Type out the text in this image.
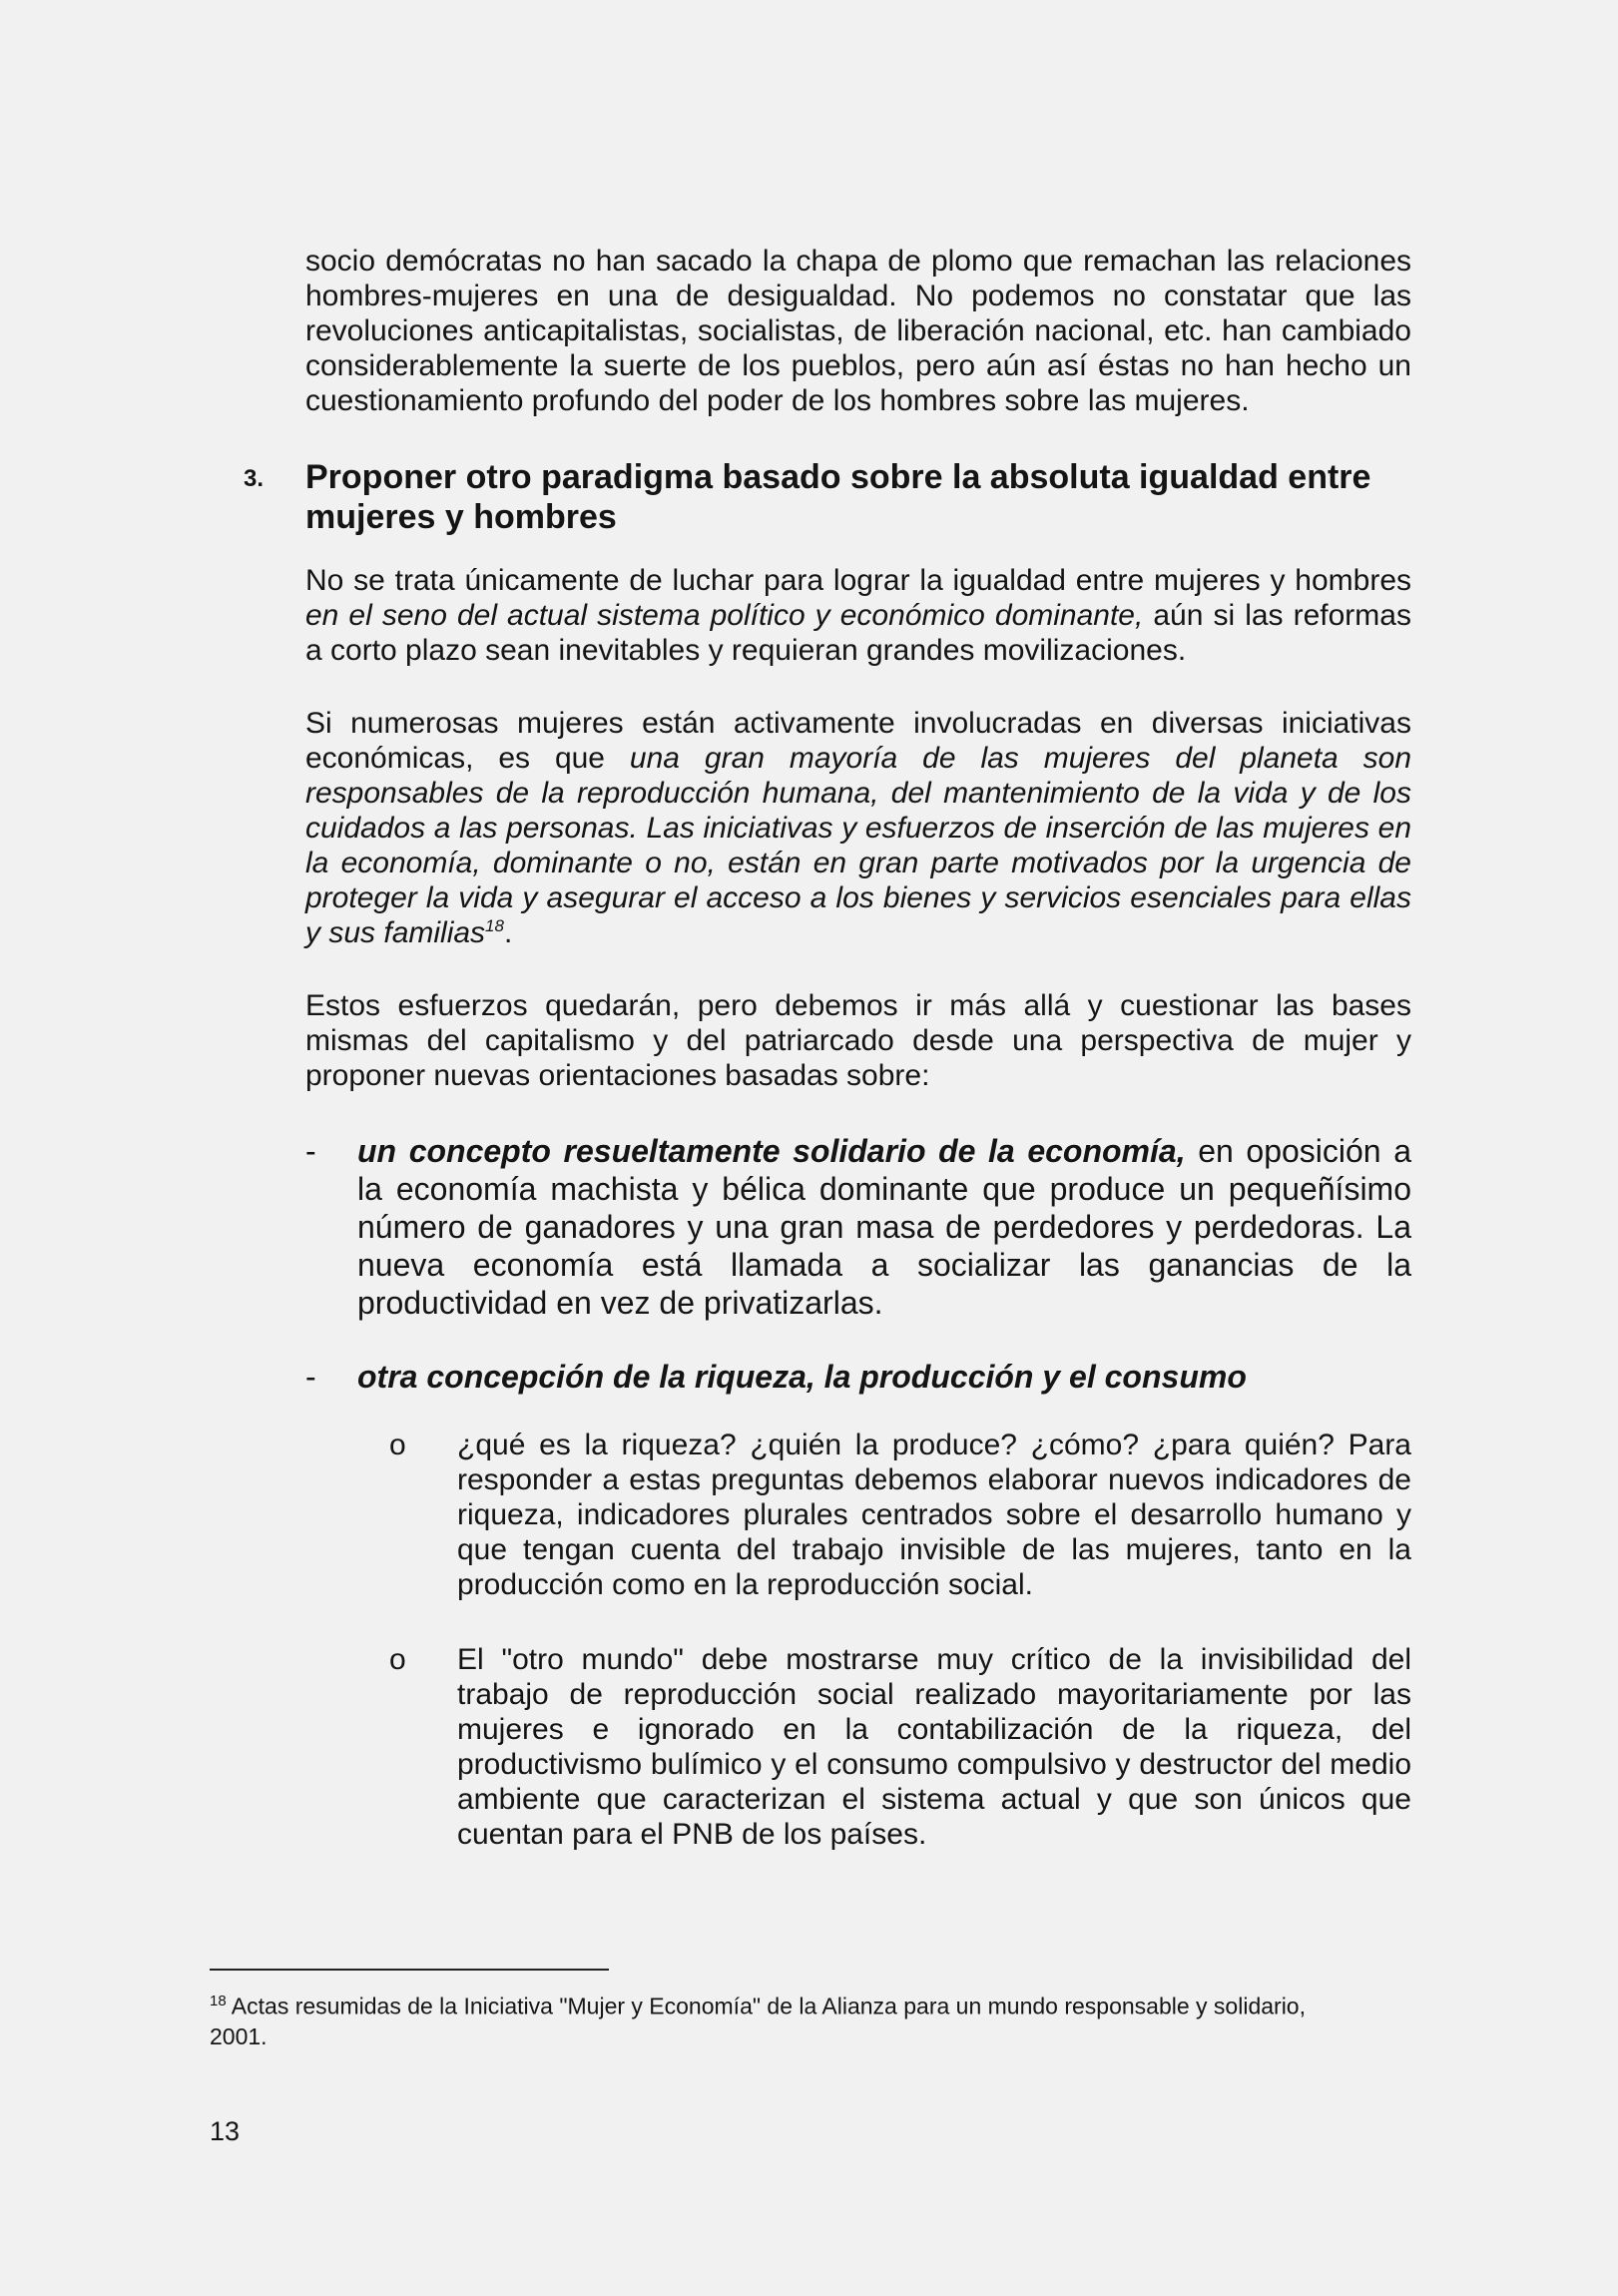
socio demócratas no han sacado la chapa de plomo que remachan las relaciones hombres-mujeres en una de desigualdad. No podemos no constatar que las revoluciones anticapitalistas, socialistas, de liberación nacional, etc. han cambiado considerablemente la suerte de los pueblos, pero aún así éstas no han hecho un cuestionamiento profundo del poder de los hombres sobre las mujeres.

3. Proponer otro paradigma basado sobre la absoluta igualdad entre mujeres y hombres

No se trata únicamente de luchar para lograr la igualdad entre mujeres y hombres en el seno del actual sistema político y económico dominante, aún si las reformas a corto plazo sean inevitables y requieran grandes movilizaciones.

Si numerosas mujeres están activamente involucradas en diversas iniciativas económicas, es que una gran mayoría de las mujeres del planeta son responsables de la reproducción humana, del mantenimiento de la vida y de los cuidados a las personas. Las iniciativas y esfuerzos de inserción de las mujeres en la economía, dominante o no, están en gran parte motivados por la urgencia de proteger la vida y asegurar el acceso a los bienes y servicios esenciales para ellas y sus familias$^{18}$.

Estos esfuerzos quedarán, pero debemos ir más allá y cuestionar las bases mismas del capitalismo y del patriarcado desde una perspectiva de mujer y proponer nuevas orientaciones basadas sobre:

- un concepto resueltamente solidario de la economía, en oposición a la economía machista y bélica dominante que produce un pequeñísimo número de ganadores y una gran masa de perdedores y perdedoras. La nueva economía está llamada a socializar las ganancias de la productividad en vez de privatizarlas.

- otra concepción de la riqueza, la producción y el consumo
o ¿qué es la riqueza? ¿quién la produce? ¿cómo? ¿para quién? Para responder a estas preguntas debemos elaborar nuevos indicadores de riqueza, indicadores plurales centrados sobre el desarrollo humano y que tengan cuenta del trabajo invisible de las mujeres, tanto en la producción como en la reproducción social.

o El "otro mundo" debe mostrarse muy crítico de la invisibilidad del trabajo de reproducción social realizado mayoritariamente por las mujeres e ignorado en la contabilización de la riqueza, del productivismo bulímico y el consumo compulsivo y destructor del medio ambiente que caracterizan el sistema actual y que son únicos que cuentan para el PNB de los países.

$^{18}$ Actas resumidas de la Iniciativa "Mujer y Economía" de la Alianza para un mundo responsable y solidario, 2001.
13
